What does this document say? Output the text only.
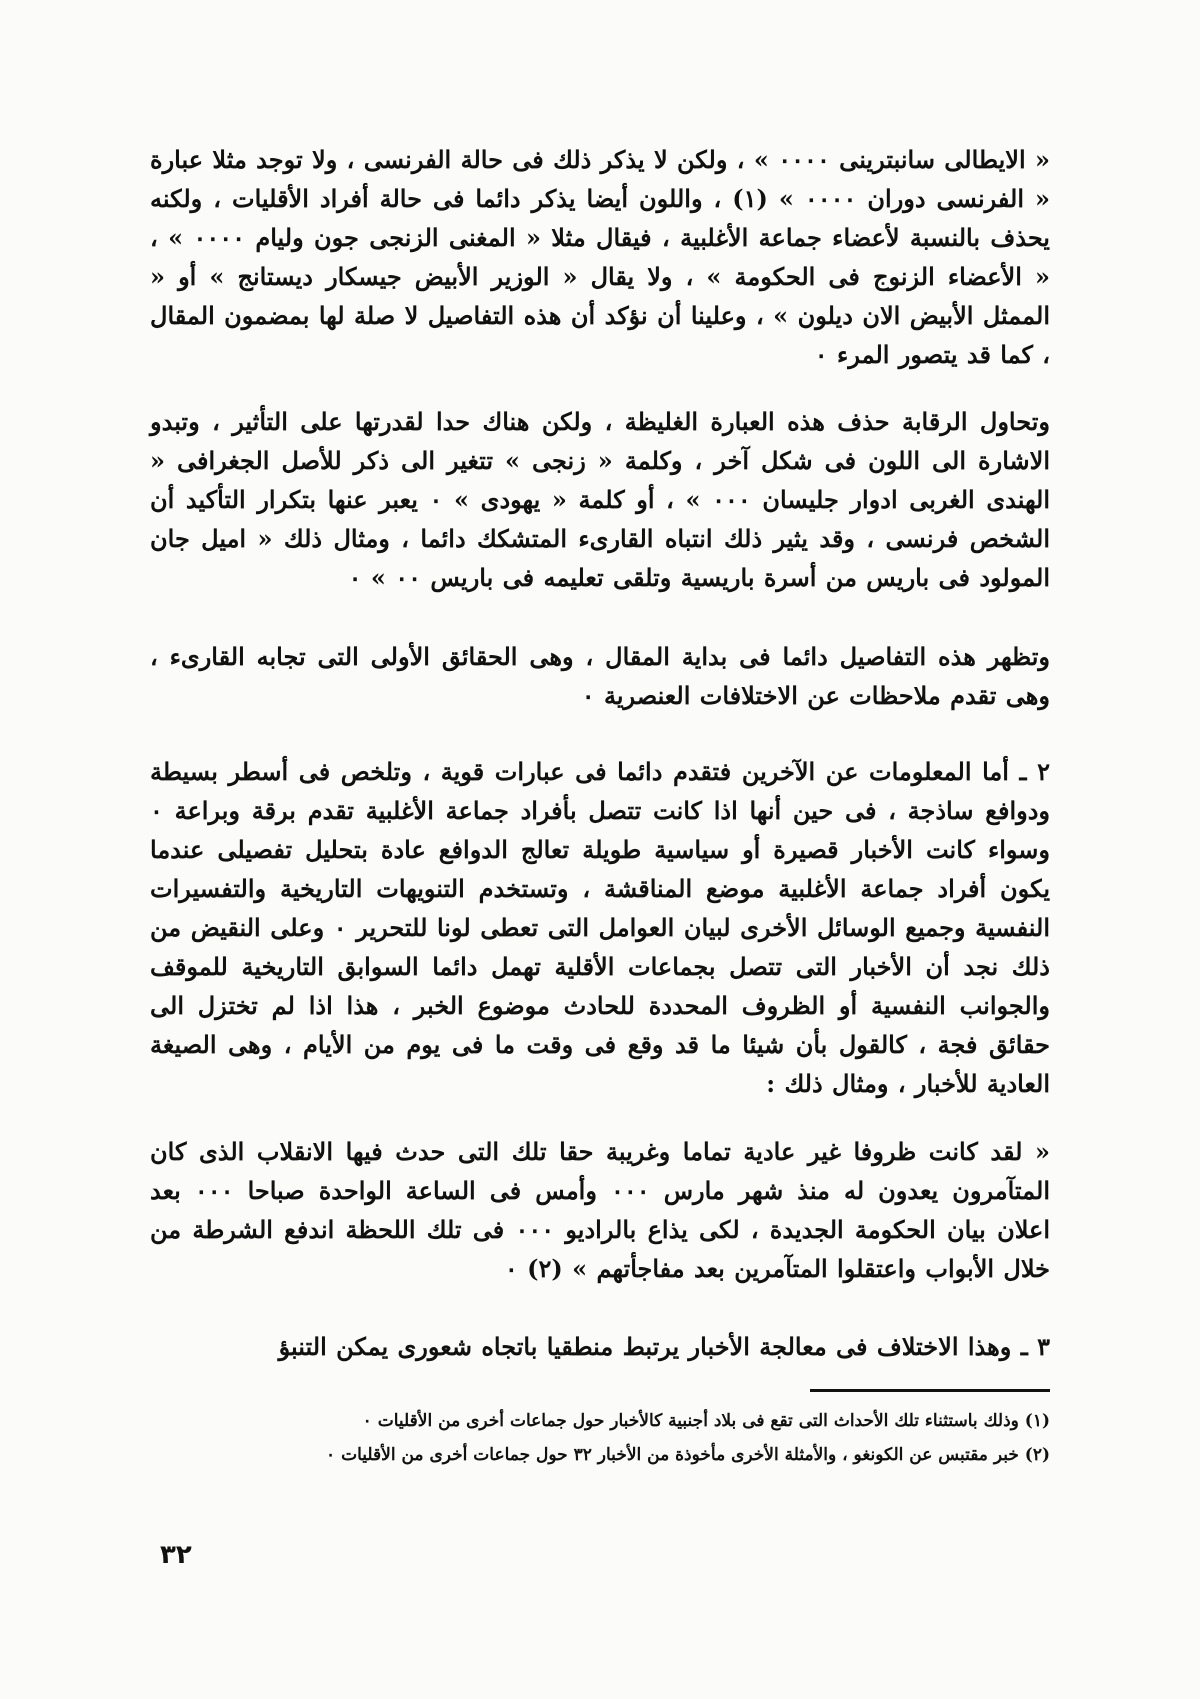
« الايطالى سانبترينى ٠٠٠٠ » ، ولكن لا يذكر ذلك فى حالة الفرنسى ، ولا توجد مثلا عبارة « الفرنسى دوران ٠٠٠٠ » (١) ، واللون أيضا يذكر دائما فى حالة أفراد الأقليات ، ولكنه يحذف بالنسبة لأعضاء جماعة الأغلبية ، فيقال مثلا « المغنى الزنجى جون وليام ٠٠٠٠ » ، « الأعضاء الزنوج فى الحكومة » ، ولا يقال « الوزير الأبيض جيسكار ديستانج » أو « الممثل الأبيض الان ديلون » ، وعلينا أن نؤكد أن هذه التفاصيل لا صلة لها بمضمون المقال ، كما قد يتصور المرء ٠

وتحاول الرقابة حذف هذه العبارة الغليظة ، ولكن هناك حدا لقدرتها على التأثير ، وتبدو الاشارة الى اللون فى شكل آخر ، وكلمة « زنجى » تتغير الى ذكر للأصل الجغرافى « الهندى الغربى ادوار جليسان ٠٠٠ » ، أو كلمة « يهودى » ٠ يعبر عنها بتكرار التأكيد أن الشخص فرنسى ، وقد يثير ذلك انتباه القارىء المتشكك دائما ، ومثال ذلك « اميل جان المولود فى باريس من أسرة باريسية وتلقى تعليمه فى باريس ٠٠ » ٠

وتظهر هذه التفاصيل دائما فى بداية المقال ، وهى الحقائق الأولى التى تجابه القارىء ، وهى تقدم ملاحظات عن الاختلافات العنصرية ٠

٢ ـ أما المعلومات عن الآخرين فتقدم دائما فى عبارات قوية ، وتلخص فى أسطر بسيطة ودوافع ساذجة ، فى حين أنها اذا كانت تتصل بأفراد جماعة الأغلبية تقدم برقة وبراعة ٠ وسواء كانت الأخبار قصيرة أو سياسية طويلة تعالج الدوافع عادة بتحليل تفصيلى عندما يكون أفراد جماعة الأغلبية موضع المناقشة ، وتستخدم التنويهات التاريخية والتفسيرات النفسية وجميع الوسائل الأخرى لبيان العوامل التى تعطى لونا للتحرير ٠ وعلى النقيض من ذلك نجد أن الأخبار التى تتصل بجماعات الأقلية تهمل دائما السوابق التاريخية للموقف والجوانب النفسية أو الظروف المحددة للحادث موضوع الخبر ، هذا اذا لم تختزل الى حقائق فجة ، كالقول بأن شيئا ما قد وقع فى وقت ما فى يوم من الأيام ، وهى الصيغة العادية للأخبار ، ومثال ذلك :

« لقد كانت ظروفا غير عادية تماما وغريبة حقا تلك التى حدث فيها الانقلاب الذى كان المتآمرون يعدون له منذ شهر مارس ٠٠٠ وأمس فى الساعة الواحدة صباحا ٠٠٠ بعد اعلان بيان الحكومة الجديدة ، لكى يذاع بالراديو ٠٠٠ فى تلك اللحظة اندفع الشرطة من خلال الأبواب واعتقلوا المتآمرين بعد مفاجأتهم » (٢) ٠

٣ ـ وهذا الاختلاف فى معالجة الأخبار يرتبط منطقيا باتجاه شعورى يمكن التنبؤ

(١) وذلك باستثناء تلك الأحداث التى تقع فى بلاد أجنبية كالأخبار حول جماعات أخرى من الأقليات ٠

(٢) خبر مقتبس عن الكونغو ، والأمثلة الأخرى مأخوذة من الأخبار ٣٢ حول جماعات أخرى من الأقليات ٠

٣٢
